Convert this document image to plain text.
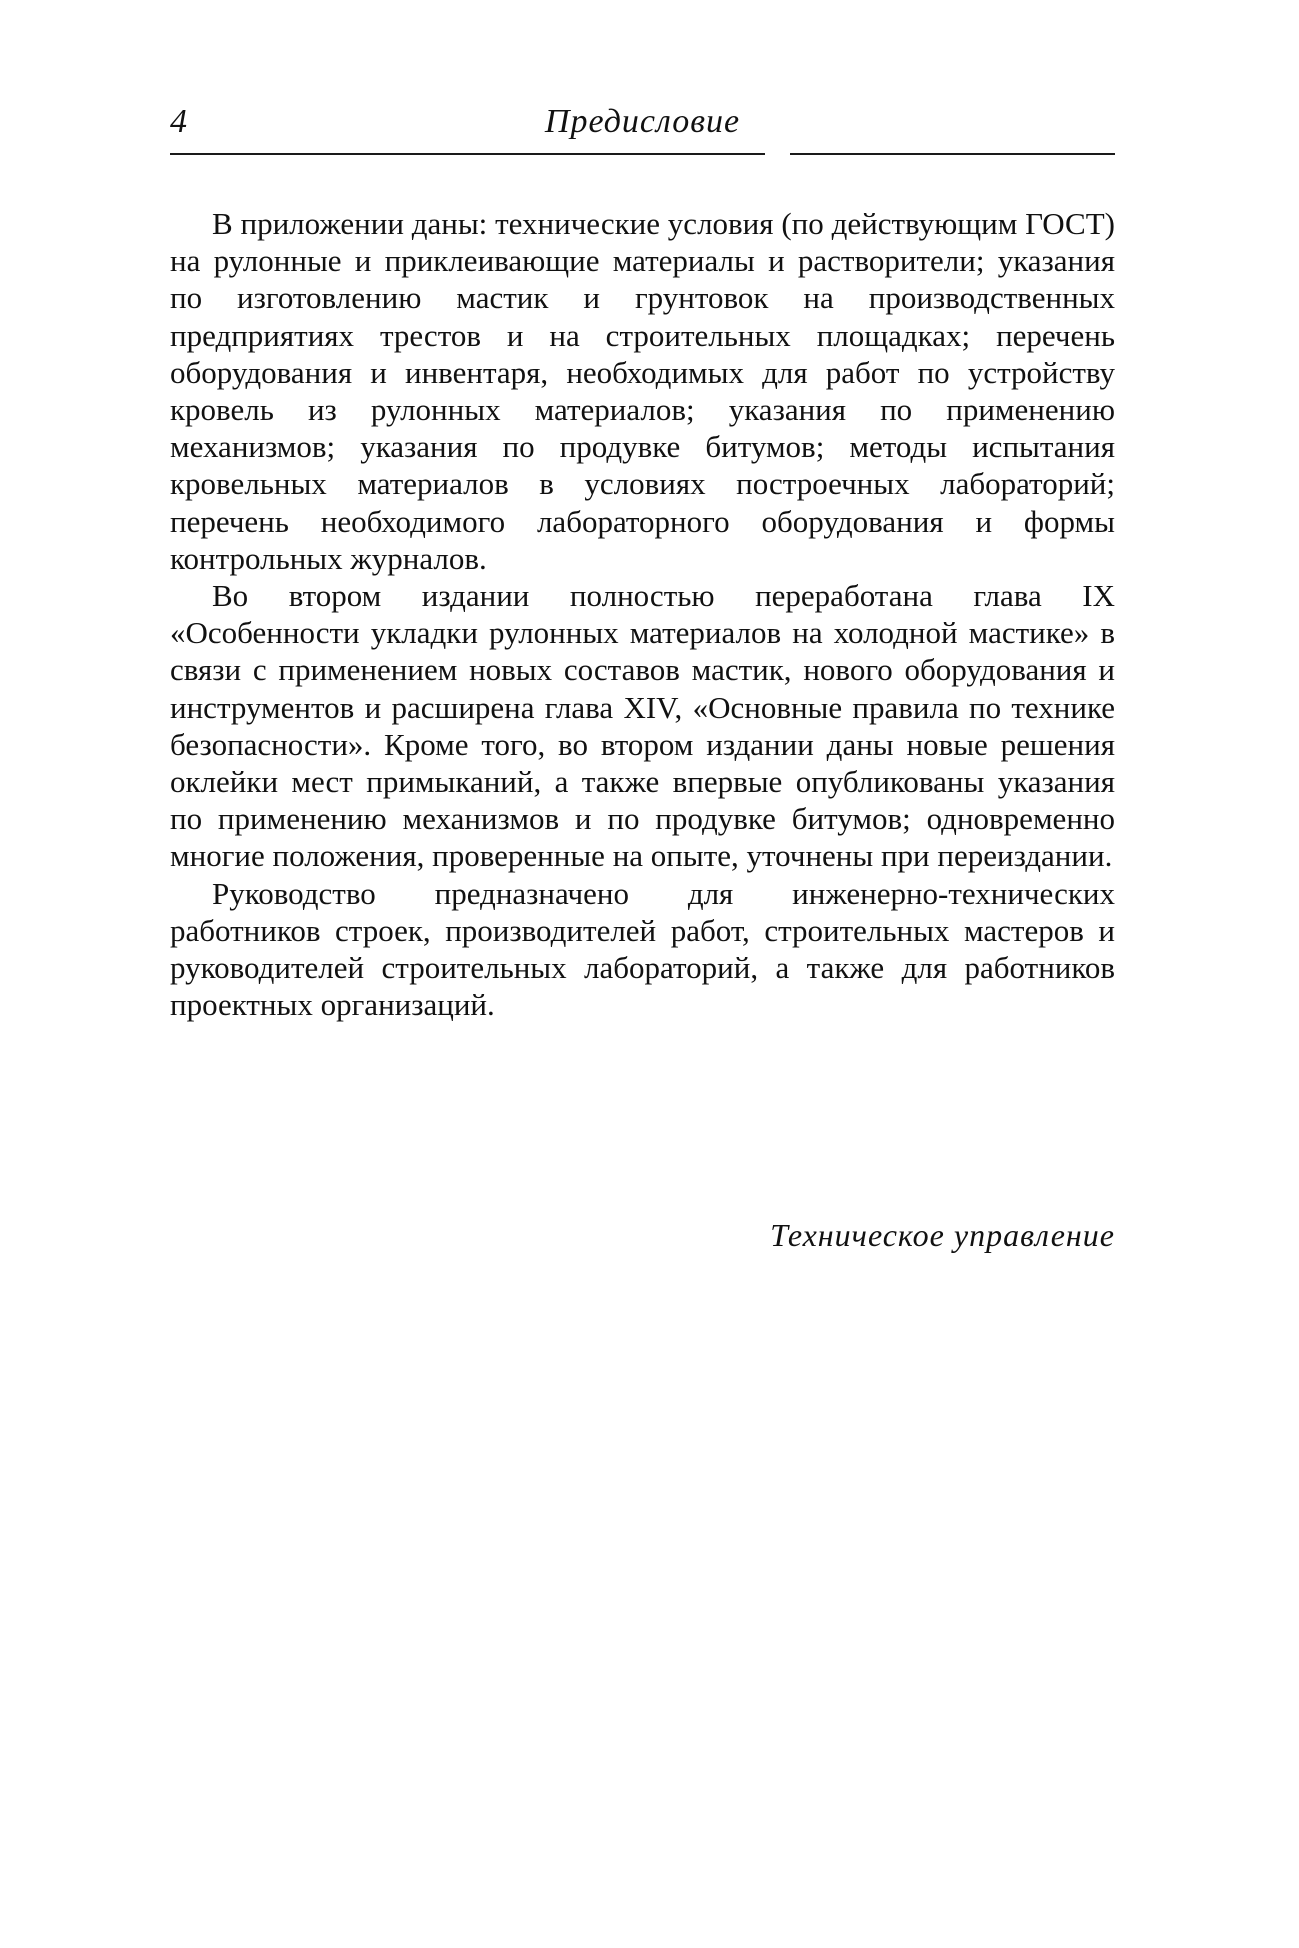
4	Предисловие

В приложении даны: технические условия (по действующим ГОСТ) на рулонные и приклеивающие материалы и растворители; указания по изготовлению мастик и грунтовок на производственных предприятиях трестов и на строительных площадках; перечень оборудования и инвентаря, необходимых для работ по устройству кровель из рулонных материалов; указания по применению механизмов; указания по продувке битумов; методы испытания кровельных материалов в условиях построечных лабораторий; перечень необходимого лабораторного оборудования и формы контрольных журналов.

Во втором издании полностью переработана глава IX «Особенности укладки рулонных материалов на холодной мастике» в связи с применением новых составов мастик, нового оборудования и инструментов и расширена глава XIV, «Основные правила по технике безопасности». Кроме того, во втором издании даны новые решения оклейки мест примыканий, а также впервые опубликованы указания по применению механизмов и по продувке битумов; одновременно многие положения, проверенные на опыте, уточнены при переиздании.

Руководство предназначено для инженерно-технических работников строек, производителей работ, строительных мастеров и руководителей строительных лабораторий, а также для работников проектных организаций.

Техническое управление
